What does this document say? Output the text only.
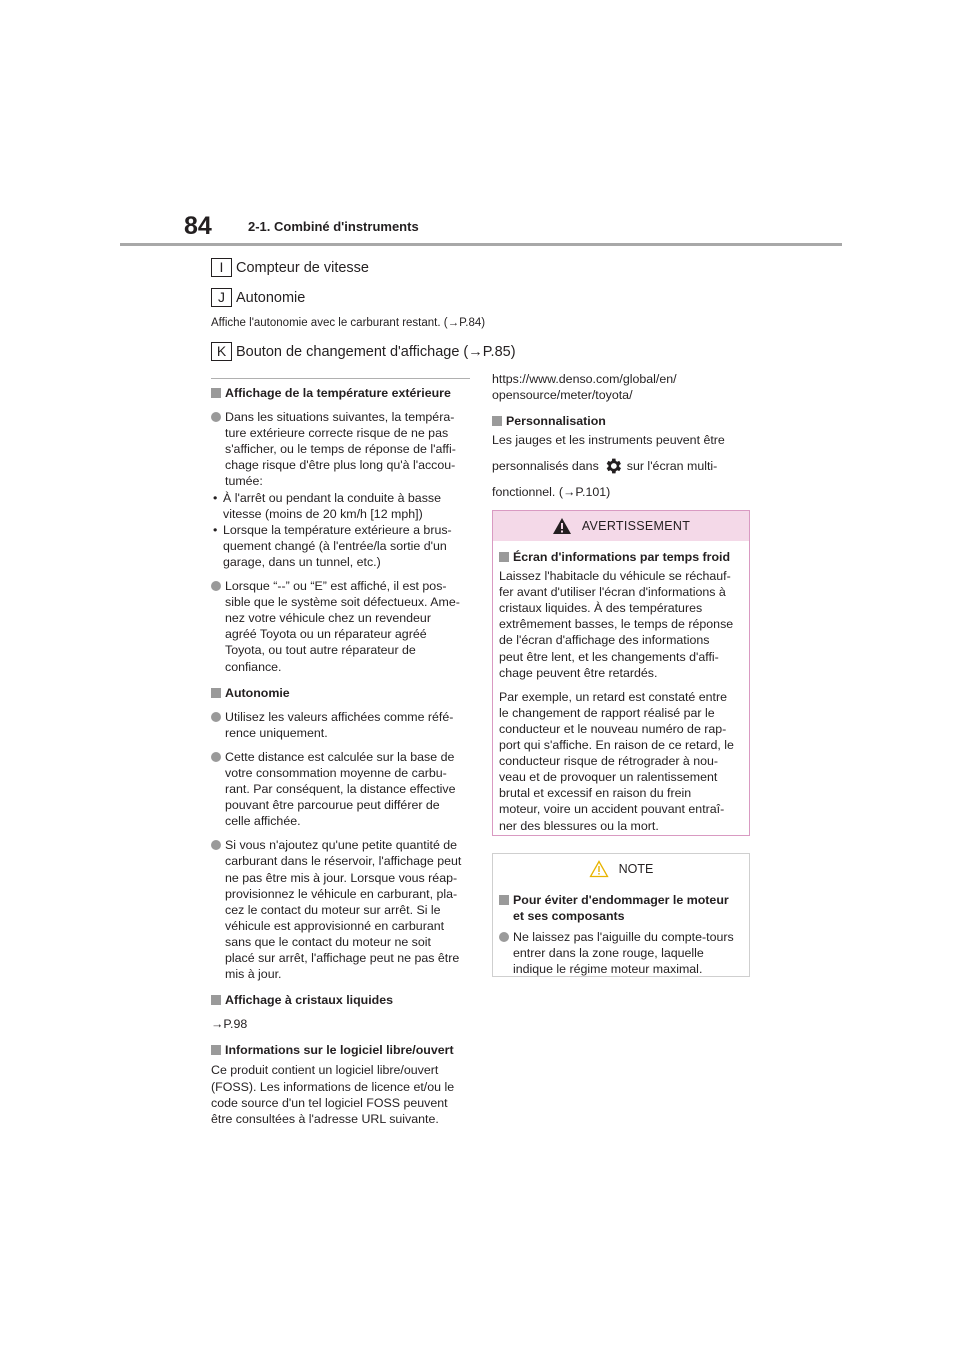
84	2-1. Combiné d'instruments
I Compteur de vitesse
J Autonomie
Affiche l'autonomie avec le carburant restant. (→P.84)
K Bouton de changement d'affichage (→P.85)

Affichage de la température extérieure

Dans les situations suivantes, la tempéra-

ture extérieure correcte risque de ne pas

s'afficher, ou le temps de réponse de l'affi-

chage risque d'être plus long qu'à l'accou-

tumée:

• À l'arrêt ou pendant la conduite à basse

vitesse (moins de 20 km/h [12 mph])

• Lorsque la température extérieure a brus-

quement changé (à l'entrée/la sortie d'un

garage, dans un tunnel, etc.)

Lorsque “--” ou “E” est affiché, il est pos-

sible que le système soit défectueux. Ame-

nez votre véhicule chez un revendeur

agréé Toyota ou un réparateur agréé

Toyota, ou tout autre réparateur de

confiance.

Autonomie

Utilisez les valeurs affichées comme réfé-

rence uniquement.

Cette distance est calculée sur la base de

votre consommation moyenne de carbu-

rant. Par conséquent, la distance effective

pouvant être parcourue peut différer de

celle affichée.

Si vous n'ajoutez qu'une petite quantité de

carburant dans le réservoir, l'affichage peut

ne pas être mis à jour. Lorsque vous réap-

provisionnez le véhicule en carburant, pla-

cez le contact du moteur sur arrêt. Si le

véhicule est approvisionné en carburant

sans que le contact du moteur ne soit

placé sur arrêt, l'affichage peut ne pas être

mis à jour.

Affichage à cristaux liquides

→P.98

Informations sur le logiciel libre/ouvert

Ce produit contient un logiciel libre/ouvert

(FOSS). Les informations de licence et/ou le

code source d'un tel logiciel FOSS peuvent

être consultées à l'adresse URL suivante.

https://www.denso.com/global/en/

opensource/meter/toyota/

Personnalisation

Les jauges et les instruments peuvent être

personnalisés dans sur l'écran multi-

fonctionnel. (→P.101)

AVERTISSEMENT

Écran d'informations par temps froid

Laissez l'habitacle du véhicule se réchauf-

fer avant d'utiliser l'écran d'informations à

cristaux liquides. À des températures

extrêmement basses, le temps de réponse

de l'écran d'affichage des informations

peut être lent, et les changements d'affi-

chage peuvent être retardés.

Par exemple, un retard est constaté entre

le changement de rapport réalisé par le

conducteur et le nouveau numéro de rap-

port qui s'affiche. En raison de ce retard, le

conducteur risque de rétrograder à nou-

veau et de provoquer un ralentissement

brutal et excessif en raison du frein

moteur, voire un accident pouvant entraî-

ner des blessures ou la mort.

NOTE

Pour éviter d'endommager le moteur

et ses composants

Ne laissez pas l'aiguille du compte-tours

entrer dans la zone rouge, laquelle

indique le régime moteur maximal.
